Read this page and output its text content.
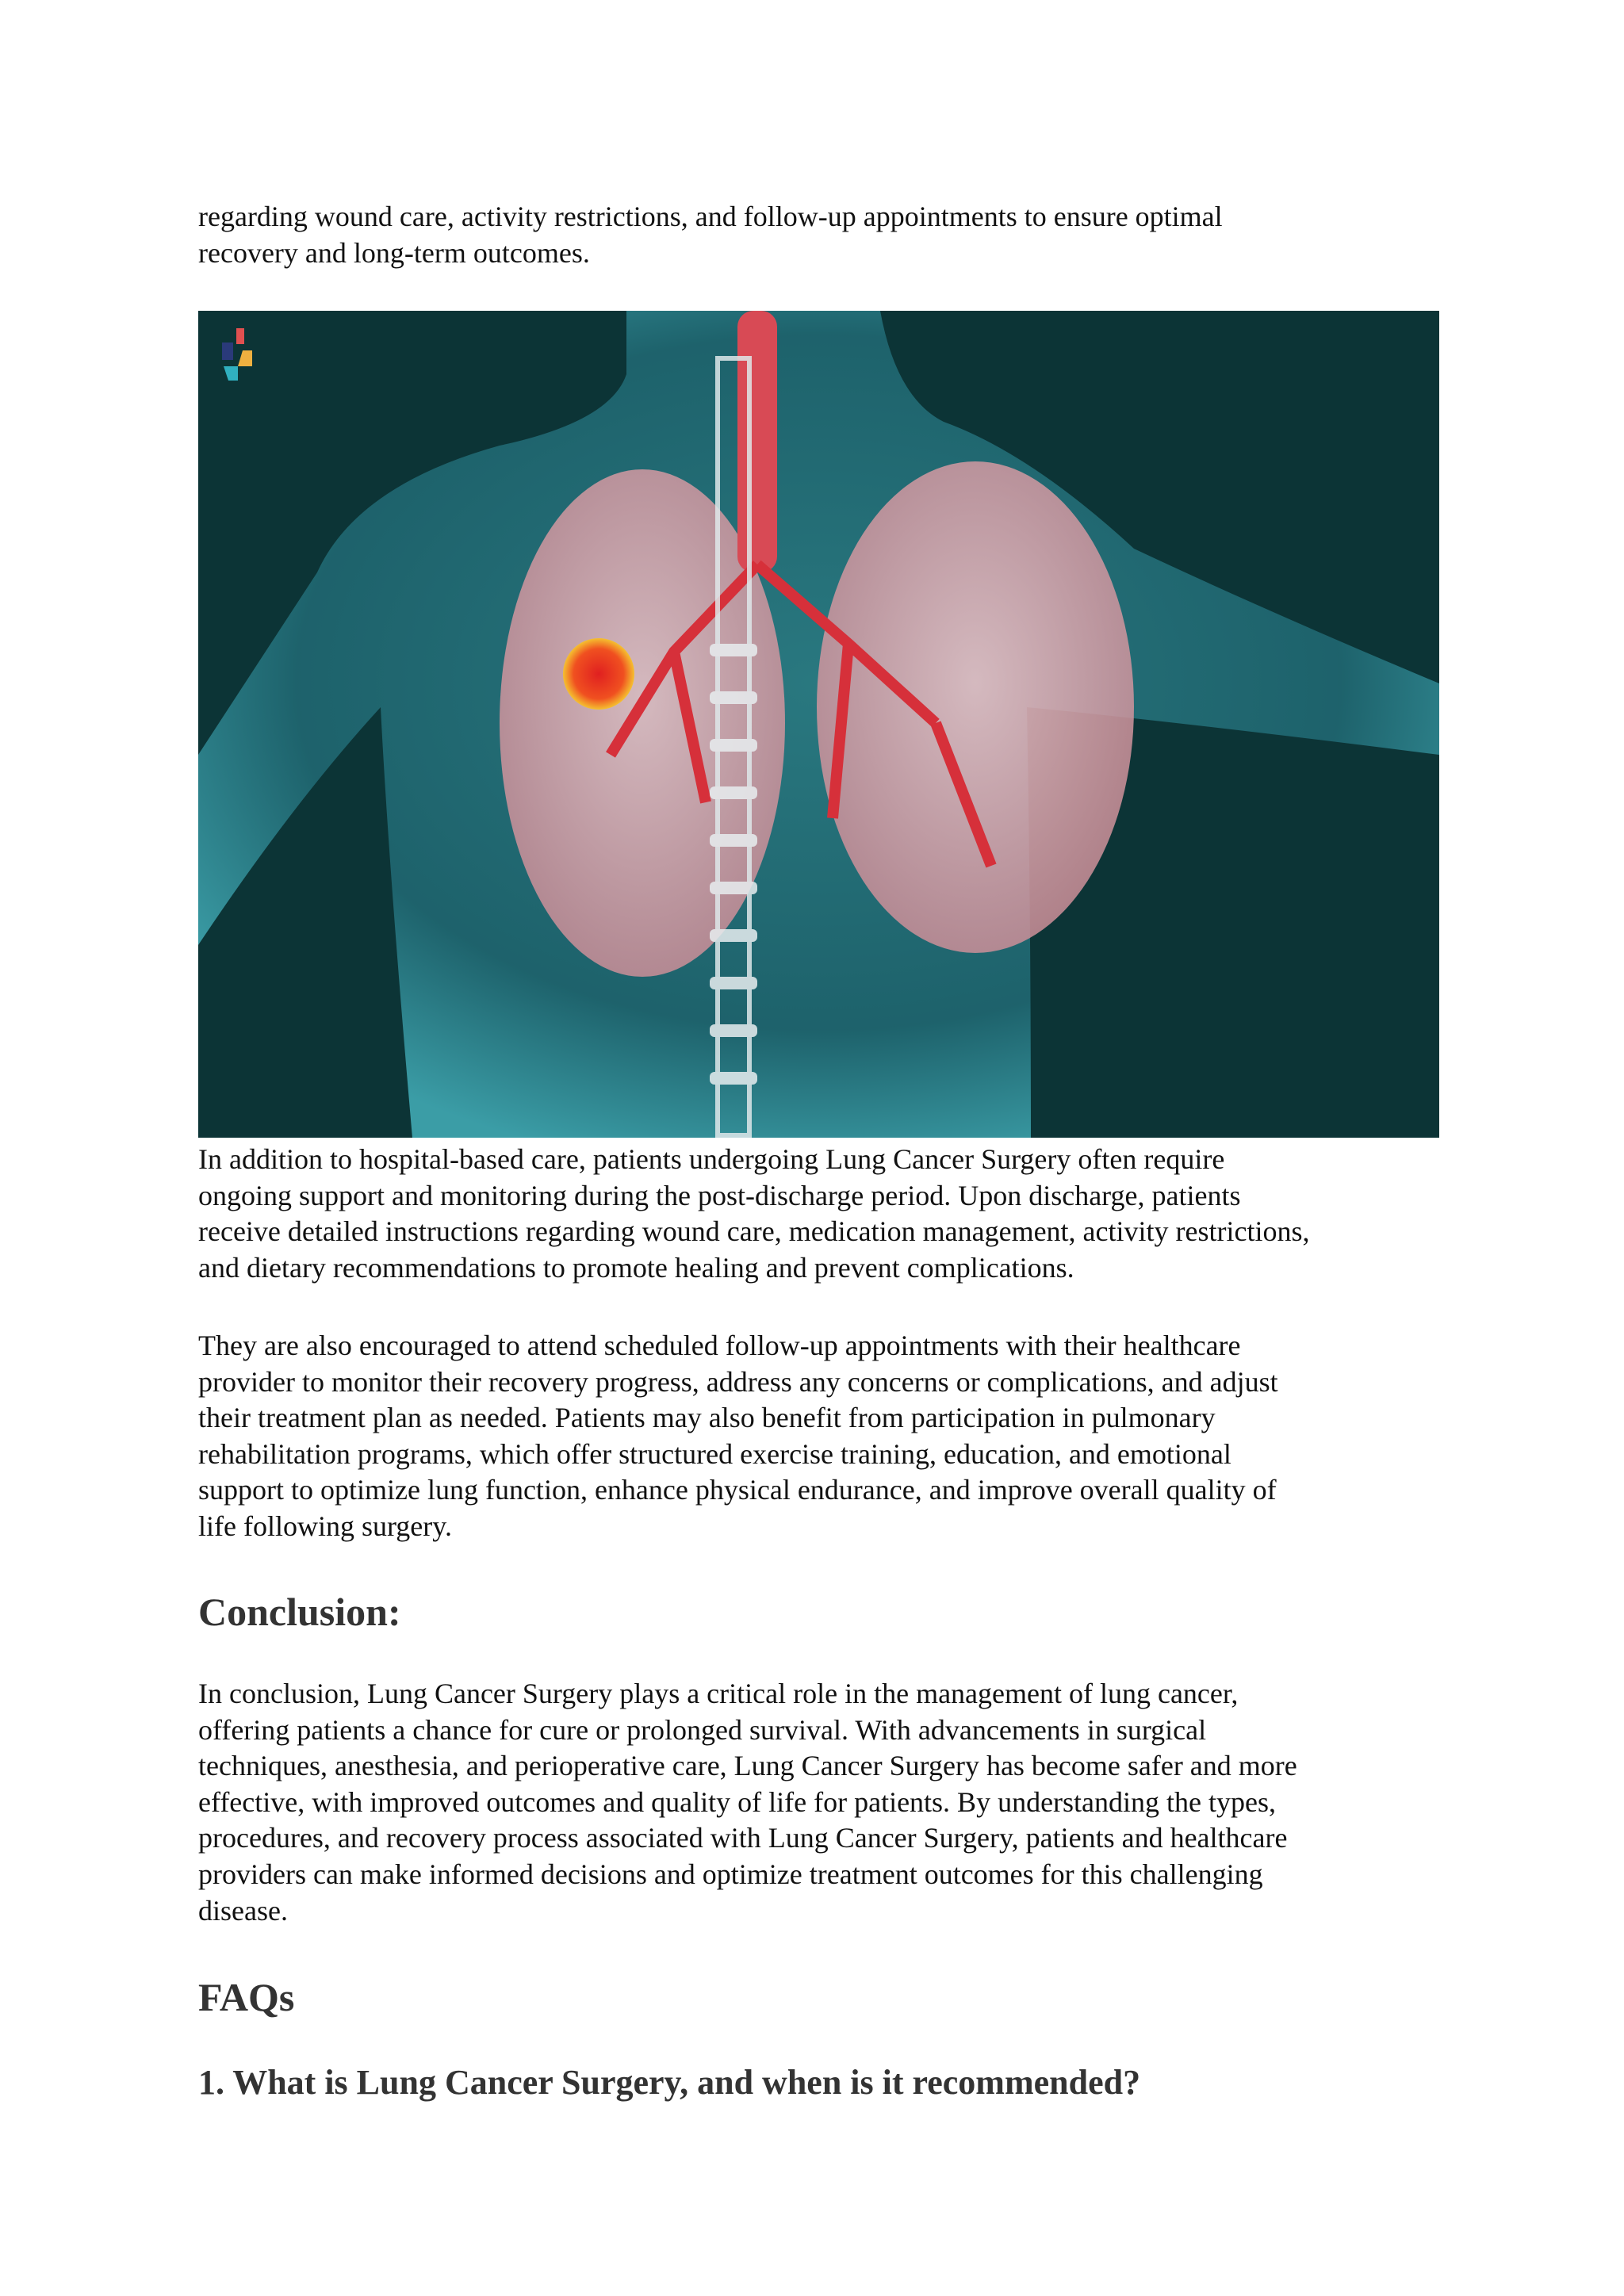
regarding wound care, activity restrictions, and follow-up appointments to ensure optimal
recovery and long-term outcomes.
In addition to hospital-based care, patients undergoing Lung Cancer Surgery often require
ongoing support and monitoring during the post-discharge period. Upon discharge, patients
receive detailed instructions regarding wound care, medication management, activity restrictions,
and dietary recommendations to promote healing and prevent complications.
They are also encouraged to attend scheduled follow-up appointments with their healthcare
provider to monitor their recovery progress, address any concerns or complications, and adjust
their treatment plan as needed. Patients may also benefit from participation in pulmonary
rehabilitation programs, which offer structured exercise training, education, and emotional
support to optimize lung function, enhance physical endurance, and improve overall quality of
life following surgery.
Conclusion:
In conclusion, Lung Cancer Surgery plays a critical role in the management of lung cancer,
offering patients a chance for cure or prolonged survival. With advancements in surgical
techniques, anesthesia, and perioperative care, Lung Cancer Surgery has become safer and more
effective, with improved outcomes and quality of life for patients. By understanding the types,
procedures, and recovery process associated with Lung Cancer Surgery, patients and healthcare
providers can make informed decisions and optimize treatment outcomes for this challenging
disease.
FAQs
1. What is Lung Cancer Surgery, and when is it recommended?
